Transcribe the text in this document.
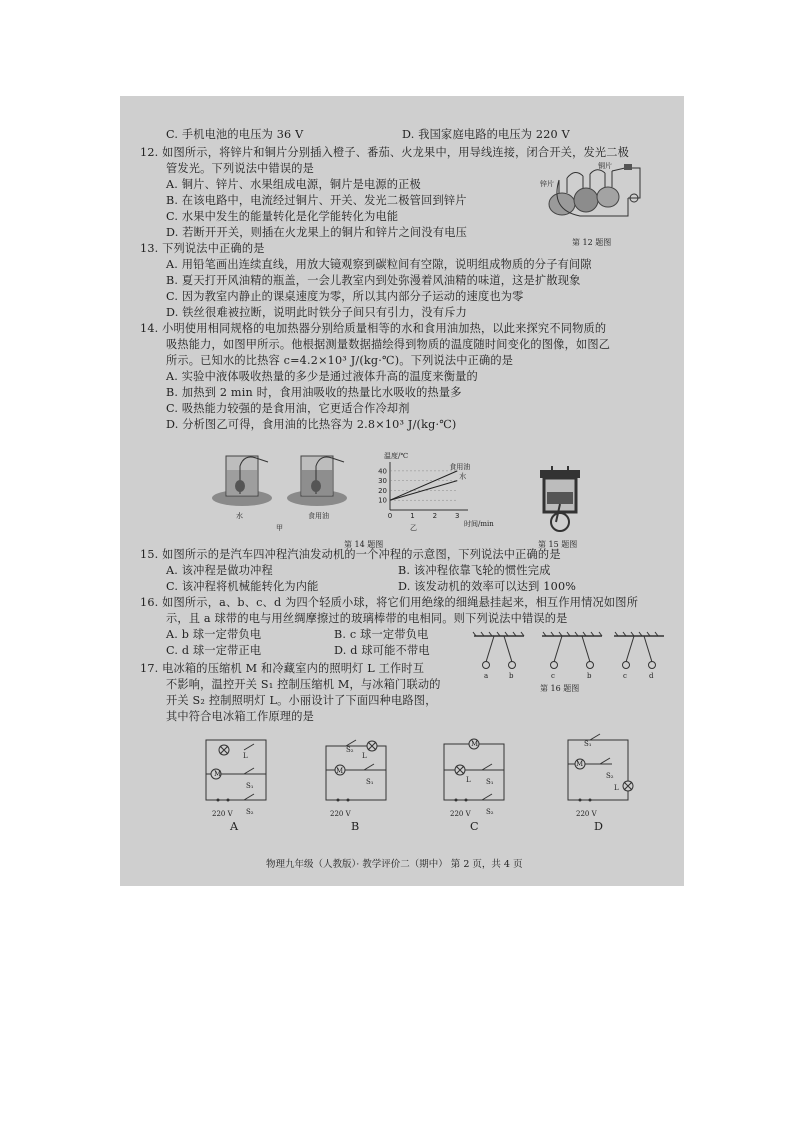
C. 手机电池的电压为 36 V	D. 我国家庭电路的电压为 220 V
12. 如图所示，将锌片和铜片分别插入橙子、番茄、火龙果中，用导线连接，闭合开关，发光二极
管发光。下列说法中错误的是
A. 铜片、锌片、水果组成电源，铜片是电源的正极
B. 在该电路中，电流经过铜片、开关、发光二极管回到锌片
C. 水果中发生的能量转化是化学能转化为电能
D. 若断开开关，则插在火龙果上的铜片和锌片之间没有电压
锌片
铜片
第 12 题图
13. 下列说法中正确的是
A. 用铅笔画出连续直线，用放大镜观察到碳粒间有空隙，说明组成物质的分子有间隙
B. 夏天打开风油精的瓶盖，一会儿教室内到处弥漫着风油精的味道，这是扩散现象
C. 因为教室内静止的课桌速度为零，所以其内部分子运动的速度也为零
D. 铁丝很难被拉断，说明此时铁分子间只有引力，没有斥力
14. 小明使用相同规格的电加热器分别给质量相等的水和食用油加热，以此来探究不同物质的
吸热能力，如图甲所示。他根据测量数据描绘得到物质的温度随时间变化的图像，如图乙
所示。已知水的比热容 c=4.2×10³ J/(kg·℃)。下列说法中正确的是
A. 实验中液体吸收热量的多少是通过液体升高的温度来衡量的
B. 加热到 2 min 时，食用油吸收的热量比水吸收的热量多
C. 吸热能力较强的是食用油，它更适合作冷却剂
D. 分析图乙可得，食用油的比热容为 2.8×10³ J/(kg·℃)
水	食用油
甲
温度/℃
0	1	2	3
10
20
30
40
食用油
水
时间/min
乙
第 14 题图	第 15 题图
15. 如图所示的是汽车四冲程汽油发动机的一个冲程的示意图，下列说法中正确的是
A. 该冲程是做功冲程	B. 该冲程依靠飞轮的惯性完成
C. 该冲程将机械能转化为内能	D. 该发动机的效率可以达到 100%
16. 如图所示，a、b、c、d 为四个轻质小球，将它们用绝缘的细绳悬挂起来，相互作用情况如图所
示，且 a 球带的电与用丝绸摩擦过的玻璃棒带的电相同。则下列说法中错误的是
A. b 球一定带负电	B. c 球一定带负电
C. d 球一定带正电	D. d 球可能不带电
a	b	c	b	c	d
第 16 题图
17. 电冰箱的压缩机 M 和冷藏室内的照明灯 L 工作时互
不影响，温控开关 S₁ 控制压缩机 M，与冰箱门联动的
开关 S₂ 控制照明灯 L。小丽设计了下面四种电路图，
其中符合电冰箱工作原理的是
L
M
S₁
S₂
220 V
S₂
L
M
S₁
220 V
M
L S₁
S₂
220 V
S₁
M
S₂
L
220 V
A	B	C	D
物理九年级（人教版）· 教学评价二（期中） 第 2 页，共 4 页
